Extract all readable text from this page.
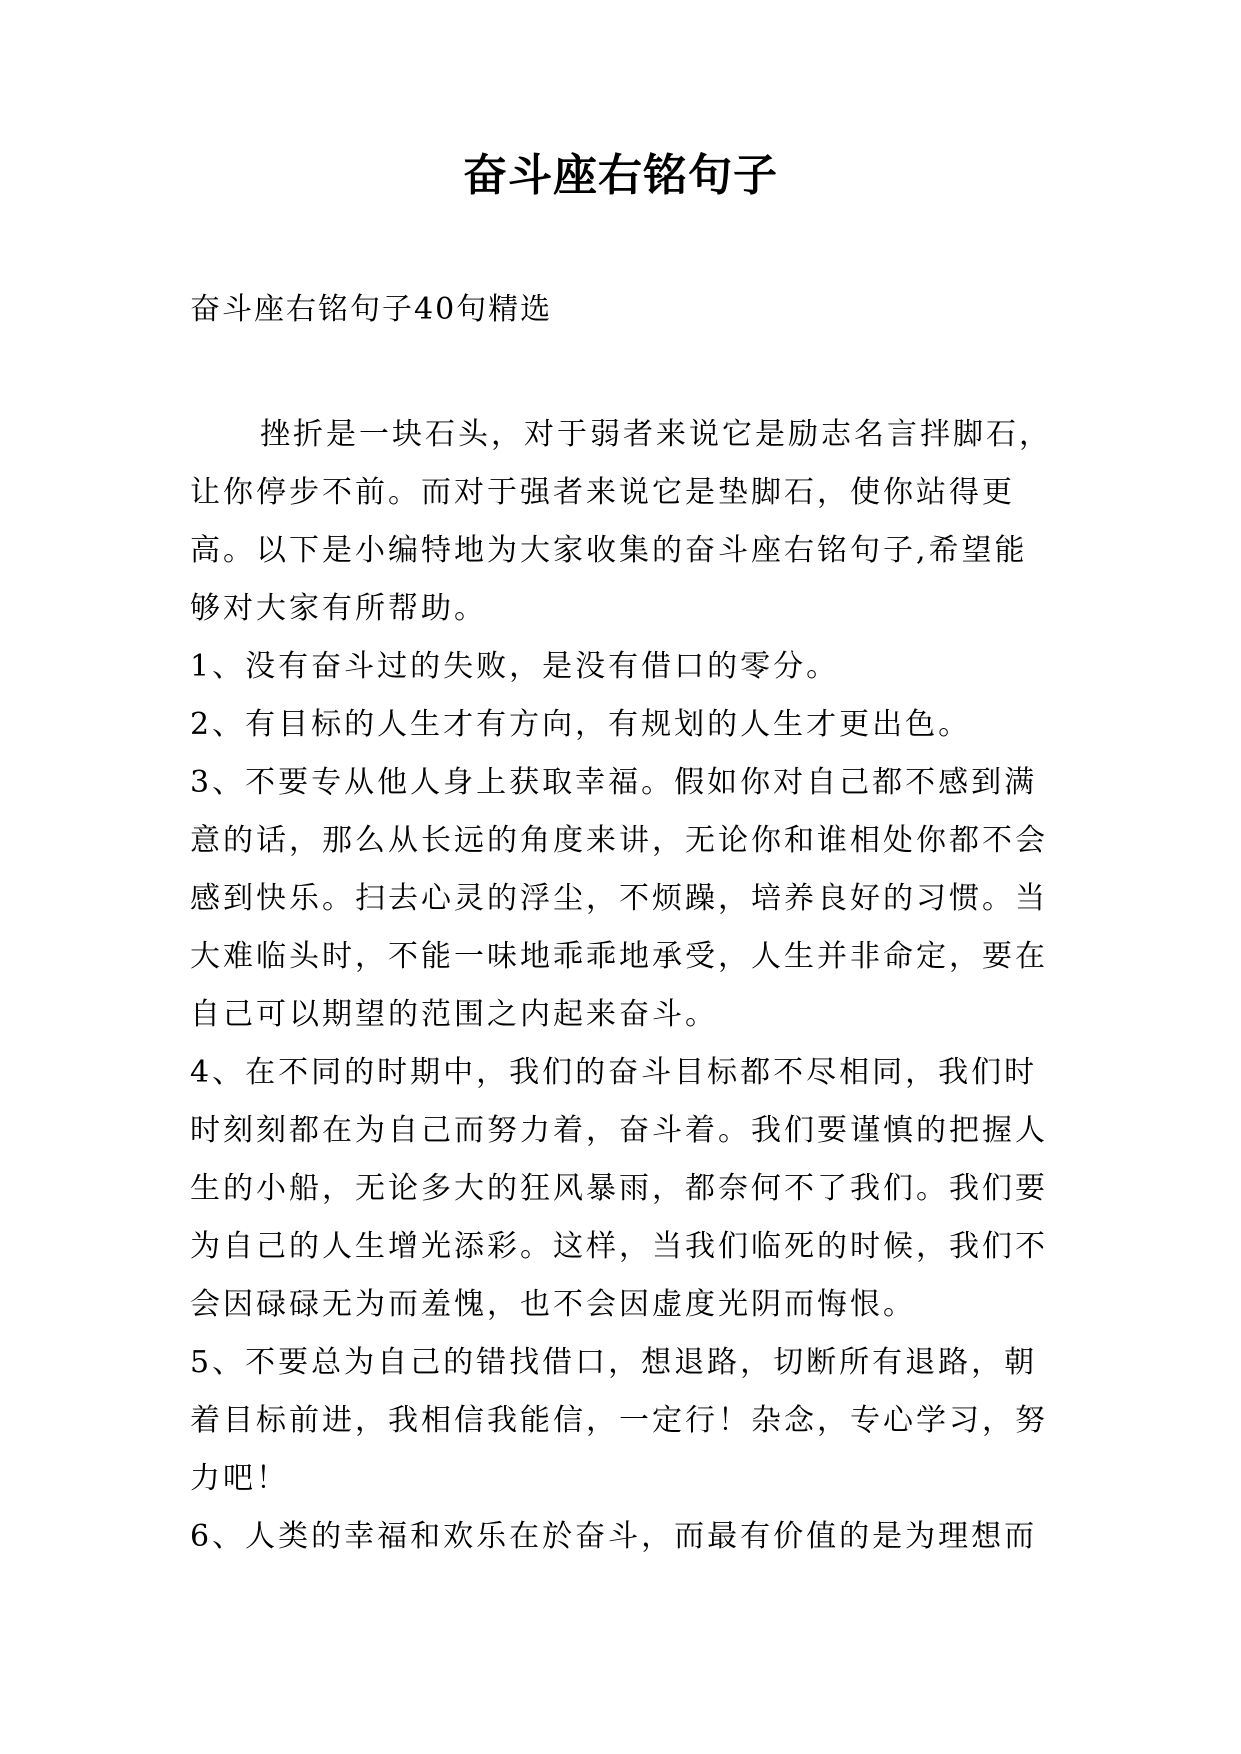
奋斗座右铭句子

奋斗座右铭句子40句精选

挫折是一块石头，对于弱者来说它是励志名言拌脚石，让你停步不前。而对于强者来说它是垫脚石，使你站得更高。以下是小编特地为大家收集的奋斗座右铭句子,希望能够对大家有所帮助。

1、没有奋斗过的失败，是没有借口的零分。

2、有目标的人生才有方向，有规划的人生才更出色。

3、不要专从他人身上获取幸福。假如你对自己都不感到满意的话，那么从长远的角度来讲，无论你和谁相处你都不会感到快乐。扫去心灵的浮尘，不烦躁，培养良好的习惯。当大难临头时，不能一味地乖乖地承受，人生并非命定，要在自己可以期望的范围之内起来奋斗。

4、在不同的时期中，我们的奋斗目标都不尽相同，我们时时刻刻都在为自己而努力着，奋斗着。我们要谨慎的把握人生的小船，无论多大的狂风暴雨，都奈何不了我们。我们要为自己的人生增光添彩。这样，当我们临死的时候，我们不会因碌碌无为而羞愧，也不会因虚度光阴而悔恨。

5、不要总为自己的错找借口，想退路，切断所有退路，朝着目标前进，我相信我能信，一定行！杂念，专心学习，努力吧！

6、人类的幸福和欢乐在於奋斗，而最有价值的是为理想而
